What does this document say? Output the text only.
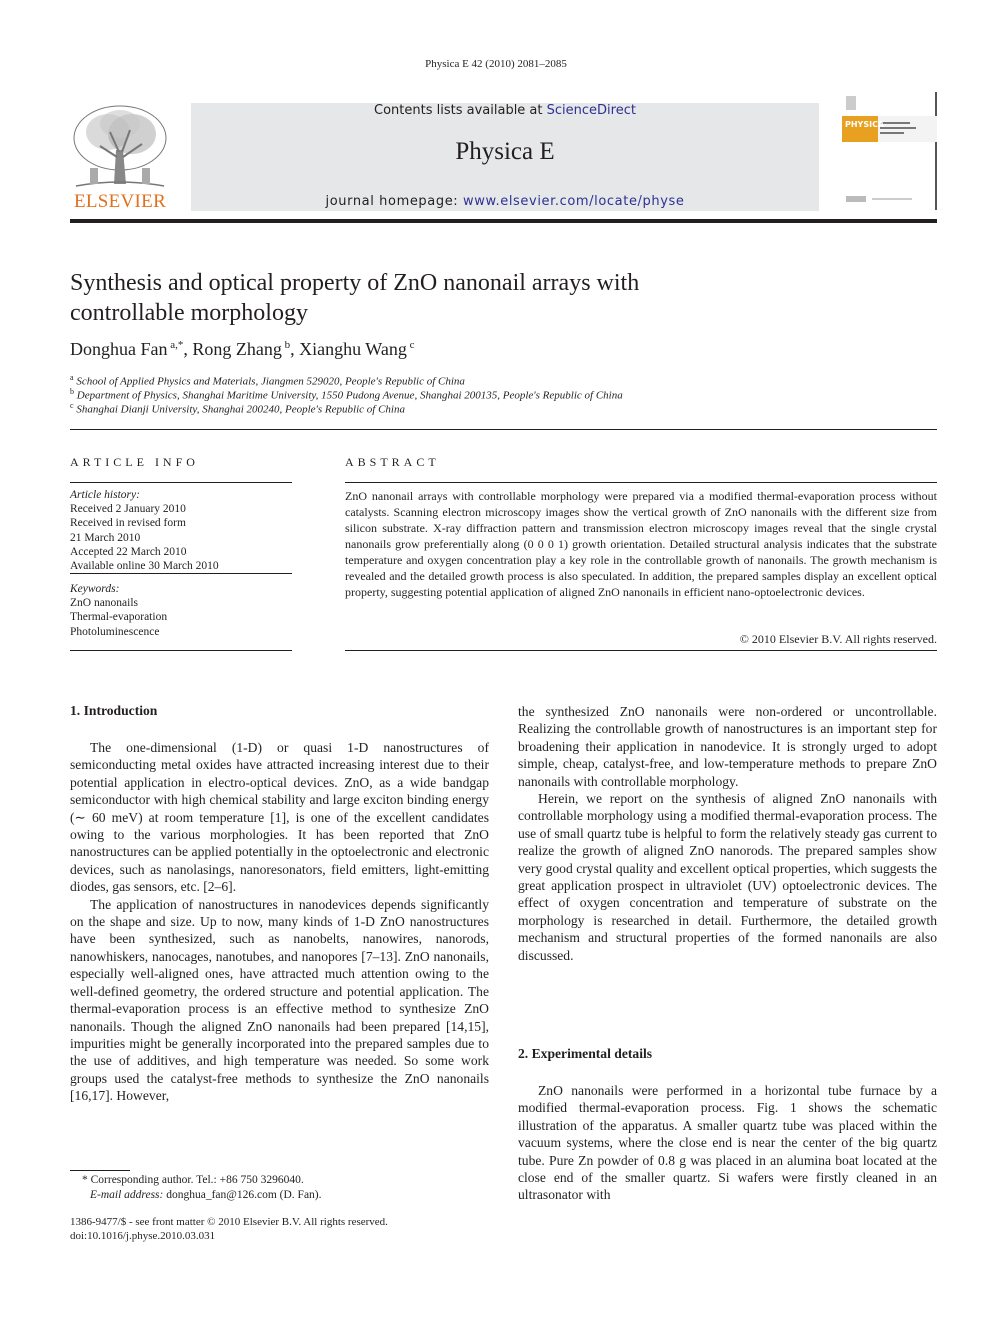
Physica E 42 (2010) 2081–2085
Contents lists available at ScienceDirect
Physica E
journal homepage: www.elsevier.com/locate/physe
ELSEVIER
PHYSICA
Synthesis and optical property of ZnO nanonail arrays with
controllable morphology
Donghua Fan $^{a,*}$, Rong Zhang $^b$, Xianghu Wang $^c$
$^a$ School of Applied Physics and Materials, Jiangmen 529020, People's Republic of China
$^b$ Department of Physics, Shanghai Maritime University, 1550 Pudong Avenue, Shanghai 200135, People's Republic of China
$^c$ Shanghai Dianji University, Shanghai 200240, People's Republic of China
ARTICLE INFO
Article history:
Received 2 January 2010
Received in revised form
21 March 2010
Accepted 22 March 2010
Available online 30 March 2010
Keywords:
ZnO nanonails
Thermal-evaporation
Photoluminescence
ABSTRACT
ZnO nanonail arrays with controllable morphology were prepared via a modified thermal-evaporation process without catalysts. Scanning electron microscopy images show the vertical growth of ZnO nanonails with the different size from silicon substrate. X-ray diffraction pattern and transmission electron microscopy images reveal that the single crystal nanonails grow preferentially along (0 0 0 1) growth orientation. Detailed structural analysis indicates that the substrate temperature and oxygen concentration play a key role in the controllable growth of nanonails. The growth mechanism is revealed and the detailed growth process is also speculated. In addition, the prepared samples display an excellent optical property, suggesting potential application of aligned ZnO nanonails in efficient nano-optoelectronic devices.
© 2010 Elsevier B.V. All rights reserved.
1. Introduction

The one-dimensional (1-D) or quasi 1-D nanostructures of semiconducting metal oxides have attracted increasing interest due to their potential application in electro-optical devices. ZnO, as a wide bandgap semiconductor with high chemical stability and large exciton binding energy (∼ 60 meV) at room temperature [1], is one of the excellent candidates owing to the various morphologies. It has been reported that ZnO nanostructures can be applied potentially in the optoelectronic and electronic devices, such as nanolasings, nanoresonators, field emitters, light-emitting diodes, gas sensors, etc. [2–6].

The application of nanostructures in nanodevices depends significantly on the shape and size. Up to now, many kinds of 1-D ZnO nanostructures have been synthesized, such as nanobelts, nanowires, nanorods, nanowhiskers, nanocages, nanotubes, and nanopores [7–13]. ZnO nanonails, especially well-aligned ones, have attracted much attention owing to the well-defined geometry, the ordered structure and potential application. The thermal-evaporation process is an effective method to synthesize ZnO nanonails. Though the aligned ZnO nanonails had been prepared [14,15], impurities might be generally incorporated into the prepared samples due to the use of additives, and high temperature was needed. So some work groups used the catalyst-free methods to synthesize the ZnO nanonails [16,17]. However,

the synthesized ZnO nanonails were non-ordered or uncontrollable. Realizing the controllable growth of nanostructures is an important step for broadening their application in nanodevice. It is strongly urged to adopt simple, cheap, catalyst-free, and low-temperature methods to prepare ZnO nanonails with controllable morphology.

Herein, we report on the synthesis of aligned ZnO nanonails with controllable morphology using a modified thermal-evaporation process. The use of small quartz tube is helpful to form the relatively steady gas current to realize the growth of aligned ZnO nanorods. The prepared samples show very good crystal quality and excellent optical properties, which suggests the great application prospect in ultraviolet (UV) optoelectronic devices. The effect of oxygen concentration and temperature of substrate on the morphology is researched in detail. Furthermore, the detailed growth mechanism and structural properties of the formed nanonails are also discussed.

2. Experimental details

ZnO nanonails were performed in a horizontal tube furnace by a modified thermal-evaporation process. Fig. 1 shows the schematic illustration of the apparatus. A smaller quartz tube was placed within the vacuum systems, where the close end is near the center of the big quartz tube. Pure Zn powder of 0.8 g was placed in an alumina boat located at the close end of the smaller quartz. Si wafers were firstly cleaned in an ultrasonator with

* Corresponding author. Tel.: +86 750 3296040.
E-mail address: donghua_fan@126.com (D. Fan).
1386-9477/$ - see front matter © 2010 Elsevier B.V. All rights reserved.
doi:10.1016/j.physe.2010.03.031
